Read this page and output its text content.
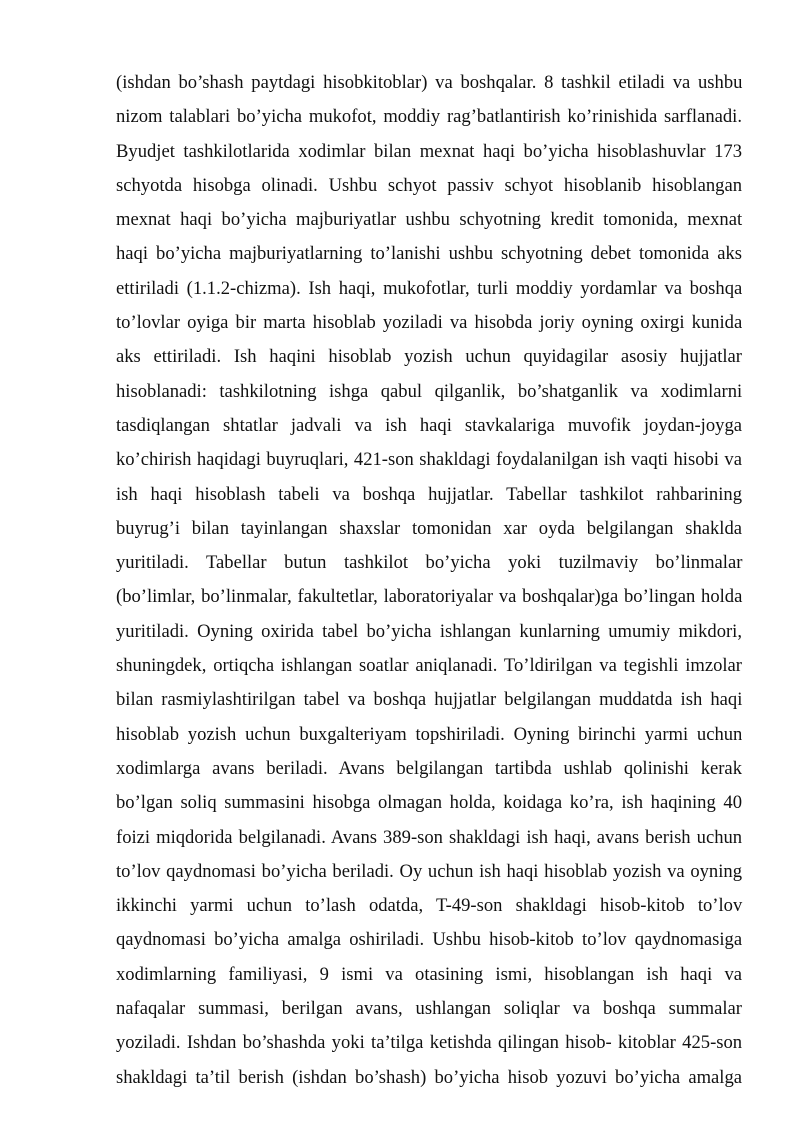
(ishdan bo’shash paytdagi hisobkitoblar) va boshqalar. 8 tashkil etiladi va ushbu
nizom talablari bo’yicha mukofot, moddiy rag’batlantirish ko’rinishida sarflanadi.
Byudjet tashkilotlarida xodimlar bilan mexnat haqi bo’yicha hisoblashuvlar 173
schyotda hisobga olinadi. Ushbu schyot passiv schyot hisoblanib hisoblangan
mexnat haqi bo’yicha majburiyatlar ushbu schyotning kredit tomonida, mexnat
haqi bo’yicha majburiyatlarning to’lanishi ushbu schyotning debet tomonida aks
ettiriladi (1.1.2-chizma). Ish haqi, mukofotlar, turli moddiy yordamlar va boshqa
to’lovlar oyiga bir marta hisoblab yoziladi va hisobda joriy oyning oxirgi kunida
aks ettiriladi. Ish haqini hisoblab yozish uchun quyidagilar asosiy hujjatlar
hisoblanadi: tashkilotning ishga qabul qilganlik, bo’shatganlik va xodimlarni
tasdiqlangan shtatlar jadvali va ish haqi stavkalariga muvofik joydan-joyga
ko’chirish haqidagi buyruqlari, 421-son shakldagi foydalanilgan ish vaqti hisobi va
ish haqi hisoblash tabeli va boshqa hujjatlar. Tabellar tashkilot rahbarining
buyrug’i bilan tayinlangan shaxslar tomonidan xar oyda belgilangan shaklda
yuritiladi. Tabellar butun tashkilot bo’yicha yoki tuzilmaviy bo’linmalar
(bo’limlar, bo’linmalar, fakultetlar, laboratoriyalar va boshqalar)ga bo’lingan holda
yuritiladi. Oyning oxirida tabel bo’yicha ishlangan kunlarning umumiy mikdori,
shuningdek, ortiqcha ishlangan soatlar aniqlanadi. To’ldirilgan va tegishli imzolar
bilan rasmiylashtirilgan tabel va boshqa hujjatlar belgilangan muddatda ish haqi
hisoblab yozish uchun buxgalteriyam topshiriladi. Oyning birinchi yarmi uchun
xodimlarga avans beriladi. Avans belgilangan tartibda ushlab qolinishi kerak
bo’lgan soliq summasini hisobga olmagan holda, koidaga ko’ra, ish haqining 40
foizi miqdorida belgilanadi. Avans 389-son shakldagi ish haqi, avans berish uchun
to’lov qaydnomasi bo’yicha beriladi. Oy uchun ish haqi hisoblab yozish va oyning
ikkinchi yarmi uchun to’lash odatda, T-49-son shakldagi hisob-kitob to’lov
qaydnomasi bo’yicha amalga oshiriladi. Ushbu hisob-kitob to’lov qaydnomasiga
xodimlarning familiyasi, 9 ismi va otasining ismi, hisoblangan ish haqi va
nafaqalar summasi, berilgan avans, ushlangan soliqlar va boshqa summalar
yoziladi. Ishdan bo’shashda yoki ta’tilga ketishda qilingan hisob- kitoblar 425-son
shakldagi ta’til berish (ishdan bo’shash) bo’yicha hisob yozuvi bo’yicha amalga
